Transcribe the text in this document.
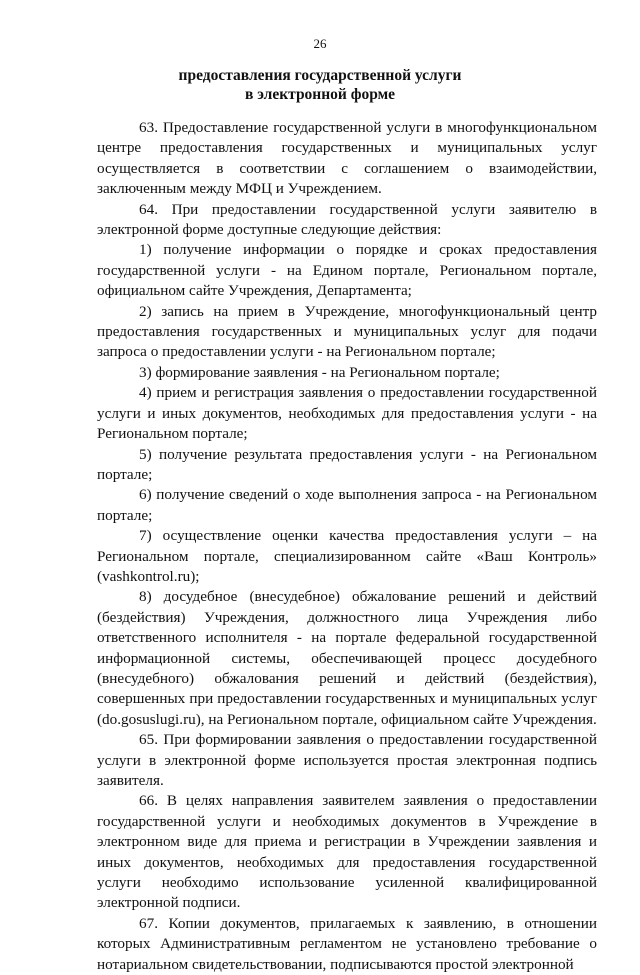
26
предоставления государственной услуги
в электронной форме

63. Предоставление государственной услуги в многофункциональном центре предоставления государственных и муниципальных услуг осуществляется в соответствии с соглашением о взаимодействии, заключенным между МФЦ и Учреждением.

64. При предоставлении государственной услуги заявителю в электронной форме доступные следующие действия:

1) получение информации о порядке и сроках предоставления государственной услуги - на Едином портале, Региональном портале, официальном сайте Учреждения, Департамента;

2) запись на прием в Учреждение, многофункциональный центр предоставления государственных и муниципальных услуг для подачи запроса о предоставлении услуги - на Региональном портале;

3) формирование заявления - на Региональном портале;

4) прием и регистрация заявления о предоставлении государственной услуги и иных документов, необходимых для предоставления услуги - на Региональном портале;

5) получение результата предоставления услуги - на Региональном портале;

6) получение сведений о ходе выполнения запроса - на Региональном портале;

7) осуществление оценки качества предоставления услуги – на Региональном портале, специализированном сайте «Ваш Контроль» (vashkontrol.ru);

8) досудебное (внесудебное) обжалование решений и действий (бездействия) Учреждения, должностного лица Учреждения либо ответственного исполнителя - на портале федеральной государственной информационной системы, обеспечивающей процесс досудебного (внесудебного) обжалования решений и действий (бездействия), совершенных при предоставлении государственных и муниципальных услуг (do.gosuslugi.ru), на Региональном портале, официальном сайте Учреждения.

65. При формировании заявления о предоставлении государственной услуги в электронной форме используется простая электронная подпись заявителя.

66. В целях направления заявителем заявления о предоставлении государственной услуги и необходимых документов в Учреждение в электронном виде для приема и регистрации в Учреждении заявления и иных документов, необходимых для предоставления государственной услуги необходимо использование усиленной квалифицированной электронной подписи.

67. Копии документов, прилагаемых к заявлению, в отношении которых Административным регламентом не установлено требование о нотариальном свидетельствовании, подписываются простой электронной
